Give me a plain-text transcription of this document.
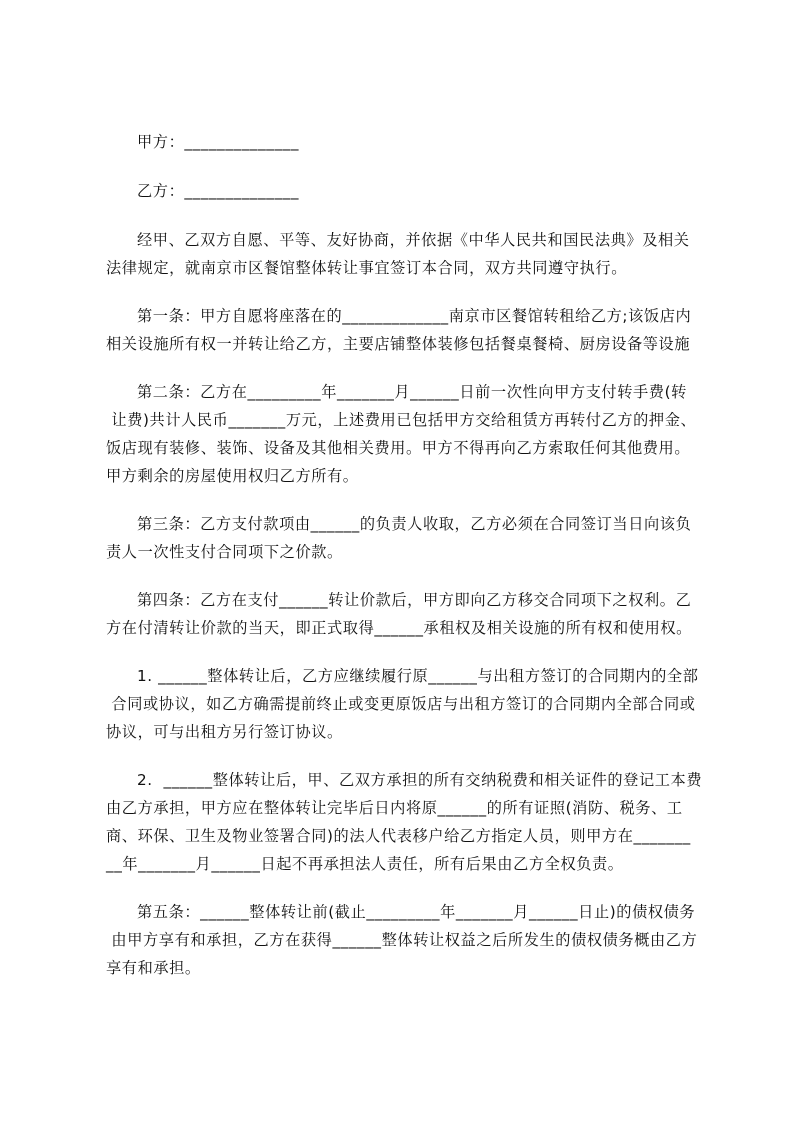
甲方：______________
乙方：______________
经甲、乙双方自愿、平等、友好协商，并依据《中华人民共和国民法典》及相关
法律规定，就南京市区餐馆整体转让事宜签订本合同，双方共同遵守执行。
第一条：甲方自愿将座落在的_____________南京市区餐馆转租给乙方;该饭店内
相关设施所有权一并转让给乙方，主要店铺整体装修包括餐桌餐椅、厨房设备等设施
第二条：乙方在_________年_______月______日前一次性向甲方支付转手费(转
让费)共计人民币_______万元，上述费用已包括甲方交给租赁方再转付乙方的押金、
饭店现有装修、装饰、设备及其他相关费用。甲方不得再向乙方索取任何其他费用。
甲方剩余的房屋使用权归乙方所有。
第三条：乙方支付款项由______的负责人收取，乙方必须在合同签订当日向该负
责人一次性支付合同项下之价款。
第四条：乙方在支付______转让价款后，甲方即向乙方移交合同项下之权利。乙
方在付清转让价款的当天，即正式取得______承租权及相关设施的所有权和使用权。
1. ______整体转让后，乙方应继续履行原______与出租方签订的合同期内的全部
合同或协议，如乙方确需提前终止或变更原饭店与出租方签订的合同期内全部合同或
协议，可与出租方另行签订协议。
2.  ______整体转让后，甲、乙双方承担的所有交纳税费和相关证件的登记工本费
由乙方承担，甲方应在整体转让完毕后日内将原______的所有证照(消防、税务、工
商、环保、卫生及物业签署合同)的法人代表移户给乙方指定人员，则甲方在_______
__年_______月______日起不再承担法人责任，所有后果由乙方全权负责。
第五条：______整体转让前(截止_________年_______月______日止)的债权债务
由甲方享有和承担，乙方在获得______整体转让权益之后所发生的债权债务概由乙方
享有和承担。
